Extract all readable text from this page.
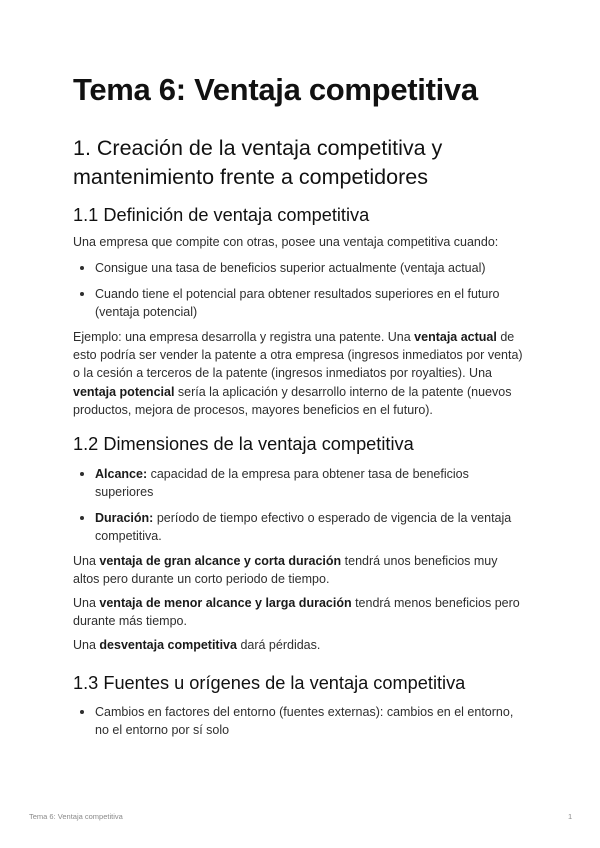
Tema 6: Ventaja competitiva
1. Creación de la ventaja competitiva y mantenimiento frente a competidores
1.1 Definición de ventaja competitiva

Una empresa que compite con otras, posee una ventaja competitiva cuando:

Consigue una tasa de beneficios superior actualmente (ventaja actual)
Cuando tiene el potencial para obtener resultados superiores en el futuro (ventaja potencial)

Ejemplo: una empresa desarrolla y registra una patente. Una ventaja actual de esto podría ser vender la patente a otra empresa (ingresos inmediatos por venta) o la cesión a terceros de la patente (ingresos inmediatos por royalties). Una ventaja potencial sería la aplicación y desarrollo interno de la patente (nuevos productos, mejora de procesos, mayores beneficios en el futuro).

1.2 Dimensiones de la ventaja competitiva
Alcance: capacidad de la empresa para obtener tasa de beneficios superiores
Duración: período de tiempo efectivo o esperado de vigencia de la ventaja competitiva.

Una ventaja de gran alcance y corta duración tendrá unos beneficios muy altos pero durante un corto periodo de tiempo.

Una ventaja de menor alcance y larga duración tendrá menos beneficios pero durante más tiempo.

Una desventaja competitiva dará pérdidas.

1.3 Fuentes u orígenes de la ventaja competitiva
Cambios en factores del entorno (fuentes externas): cambios en el entorno, no el entorno por sí solo
Tema 6: Ventaja competitiva	1
